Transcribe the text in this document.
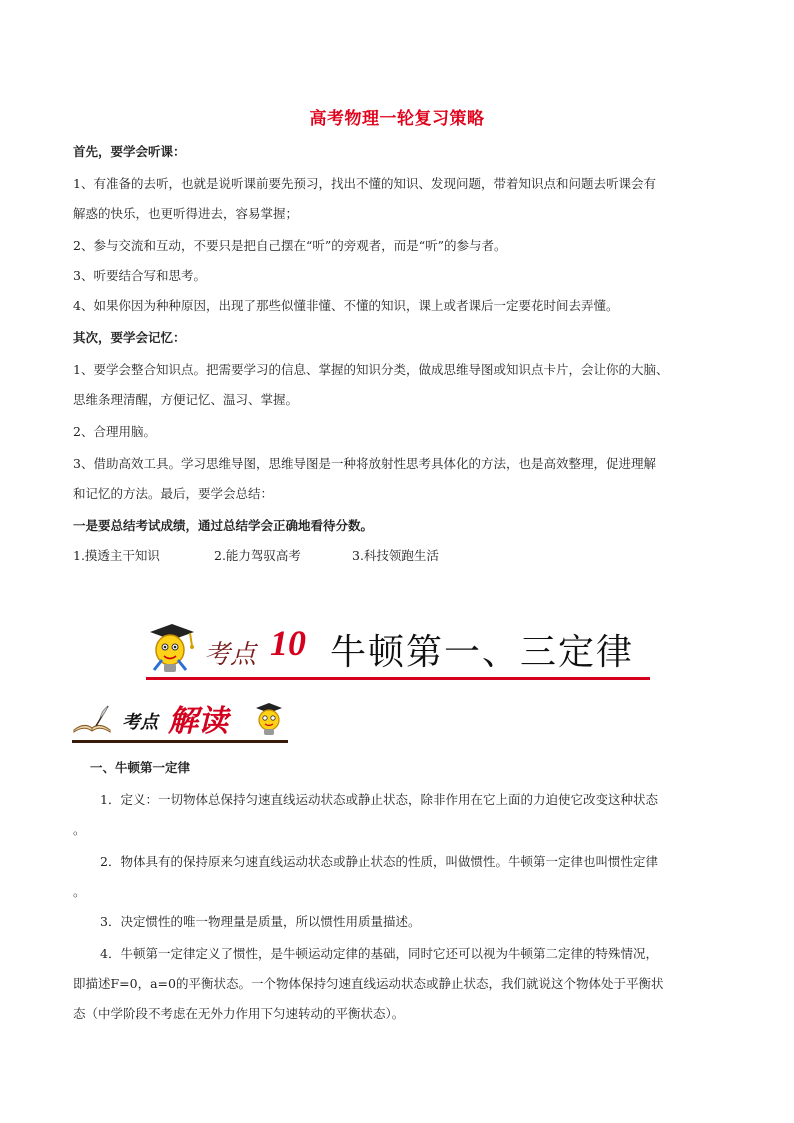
高考物理一轮复习策略
首先，要学会听课：
1、有准备的去听，也就是说听课前要先预习，找出不懂的知识、发现问题，带着知识点和问题去听课会有
解惑的快乐，也更听得进去，容易掌握；
2、参与交流和互动，不要只是把自己摆在“听”的旁观者，而是“听”的参与者。
3、听要结合写和思考。
4、如果你因为种种原因，出现了那些似懂非懂、不懂的知识，课上或者课后一定要花时间去弄懂。
其次，要学会记忆：
1、要学会整合知识点。把需要学习的信息、掌握的知识分类，做成思维导图或知识点卡片，会让你的大脑、
思维条理清醒，方便记忆、温习、掌握。
2、合理用脑。
3、借助高效工具。学习思维导图，思维导图是一种将放射性思考具体化的方法，也是高效整理，促进理解
和记忆的方法。最后，要学会总结：
一是要总结考试成绩，通过总结学会正确地看待分数。
1.摸透主干知识	2.能力驾驭高考	3.科技领跑生活
考点 10 牛顿第一、三定律
考点 解读
一、牛顿第一定律
1．定义：一切物体总保持匀速直线运动状态或静止状态，除非作用在它上面的力迫使它改变这种状态
。
2．物体具有的保持原来匀速直线运动状态或静止状态的性质，叫做惯性。牛顿第一定律也叫惯性定律
。
3．决定惯性的唯一物理量是质量，所以惯性用质量描述。
4．牛顿第一定律定义了惯性，是牛顿运动定律的基础，同时它还可以视为牛顿第二定律的特殊情况，
即描述F=0，a=0的平衡状态。一个物体保持匀速直线运动状态或静止状态，我们就说这个物体处于平衡状
态（中学阶段不考虑在无外力作用下匀速转动的平衡状态）。
